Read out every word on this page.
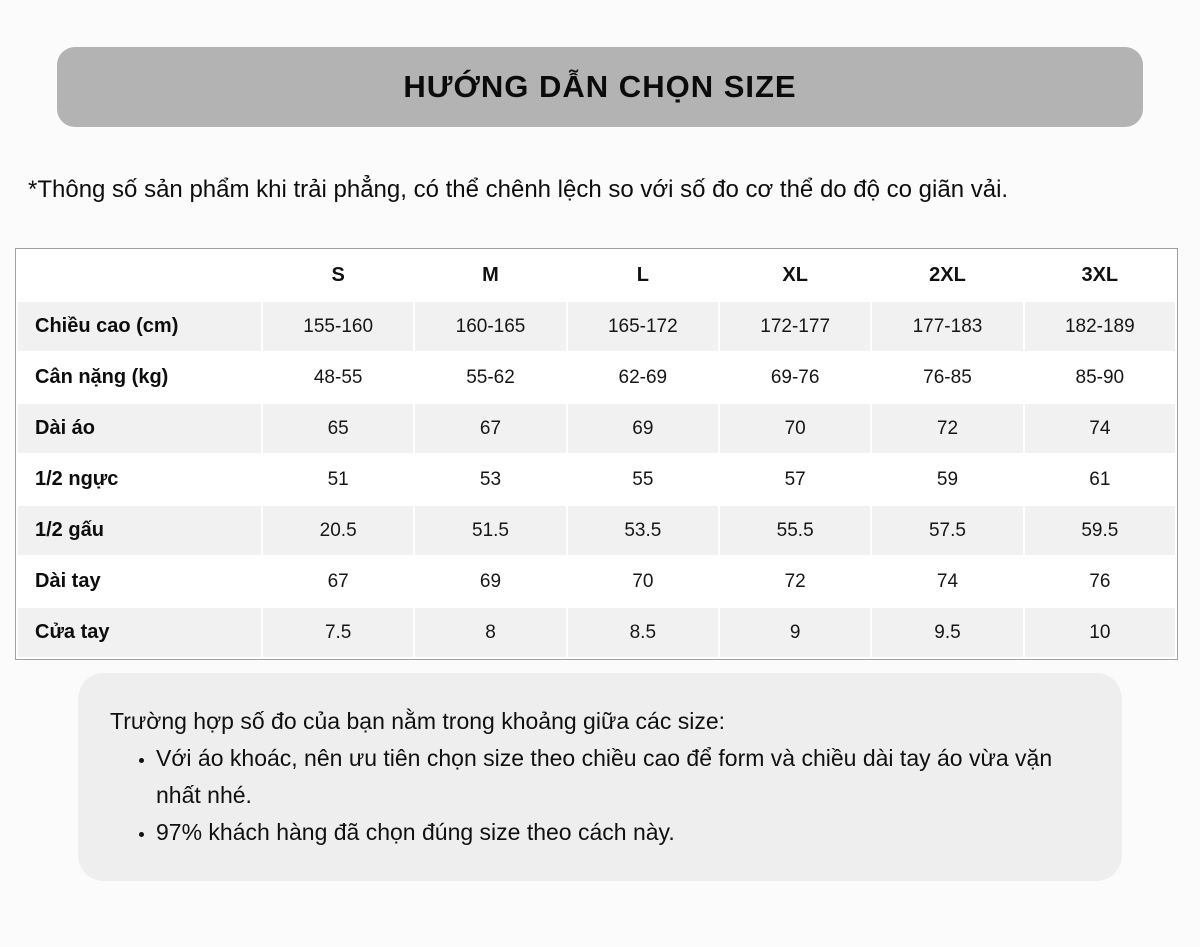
HƯỚNG DẪN CHỌN SIZE

*Thông số sản phẩm khi trải phẳng, có thể chênh lệch so với số đo cơ thể do độ co giãn vải.

	S	M	L	XL	2XL	3XL
Chiều cao (cm)	155-160	160-165	165-172	172-177	177-183	182-189
Cân nặng (kg)	48-55	55-62	62-69	69-76	76-85	85-90
Dài áo	65	67	69	70	72	74
1/2 ngực	51	53	55	57	59	61
1/2 gấu	20.5	51.5	53.5	55.5	57.5	59.5
Dài tay	67	69	70	72	74	76
Cửa tay	7.5	8	8.5	9	9.5	10

Trường hợp số đo của bạn nằm trong khoảng giữa các size:

• Với áo khoác, nên ưu tiên chọn size theo chiều cao để form và chiều dài tay áo vừa vặn nhất nhé.
• 97% khách hàng đã chọn đúng size theo cách này.
